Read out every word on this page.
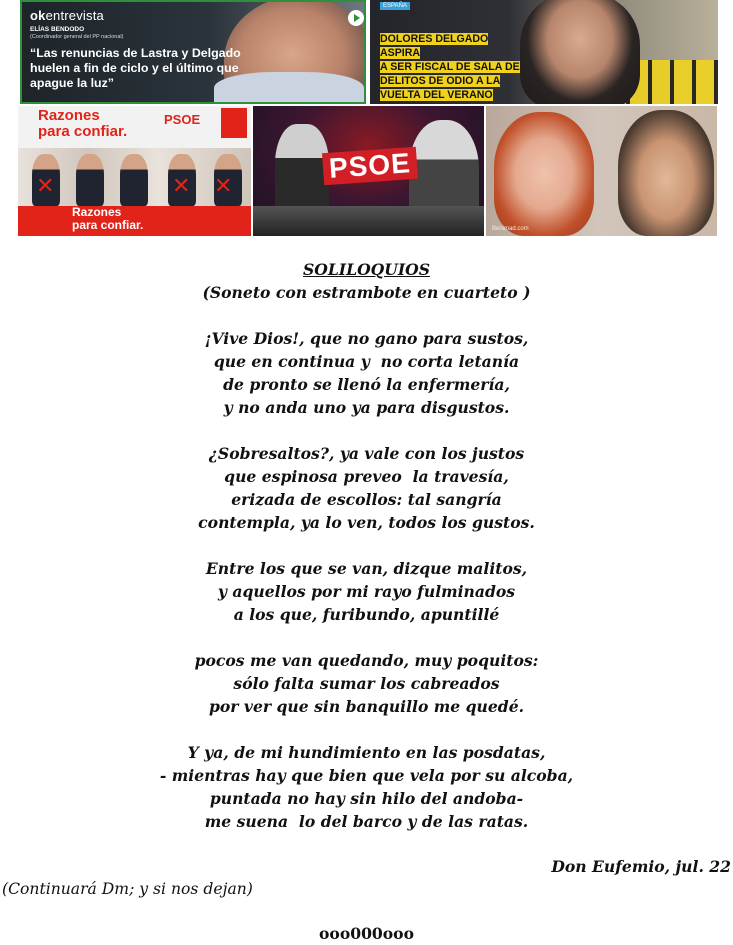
okentrevista
ELÍAS BENDODO
(Coordinador general del PP nacional)
“Las renuncias de Lastra y Delgado huelen a fin de ciclo y el último que apague la luz”
ESPAÑA
DOLORES DELGADO ASPIRA
A SER FISCAL DE SALA DE
DELITOS DE ODIO A LA
VUELTA DEL VERANO
Razones
para confiar.
PSOE
✕	✕ ✕
Razones
para confiar.
PSOE
Benimad.com
SOLILOQUIOS
(Soneto con estrambote en cuarteto )
¡Vive Dios!, que no gano para sustos,
que en continua y  no corta letanía
de pronto se llenó la enfermería,
y no anda uno ya para disgustos.
¿Sobresaltos?, ya vale con los justos
que espinosa preveo  la travesía,
erizada de escollos: tal sangría
contempla, ya lo ven, todos los gustos.
Entre los que se van, dizque malitos,
y aquellos por mi rayo fulminados
a los que, furibundo, apuntillé
pocos me van quedando, muy poquitos:
sólo falta sumar los cabreados
por ver que sin banquillo me quedé.
Y ya, de mi hundimiento en las posdatas,
- mientras hay que bien que vela por su alcoba,
puntada no hay sin hilo del andoba-
me suena  lo del barco y de las ratas.
Don Eufemio, jul. 22
(Continuará Dm; y si nos dejan)
ooo000ooo
